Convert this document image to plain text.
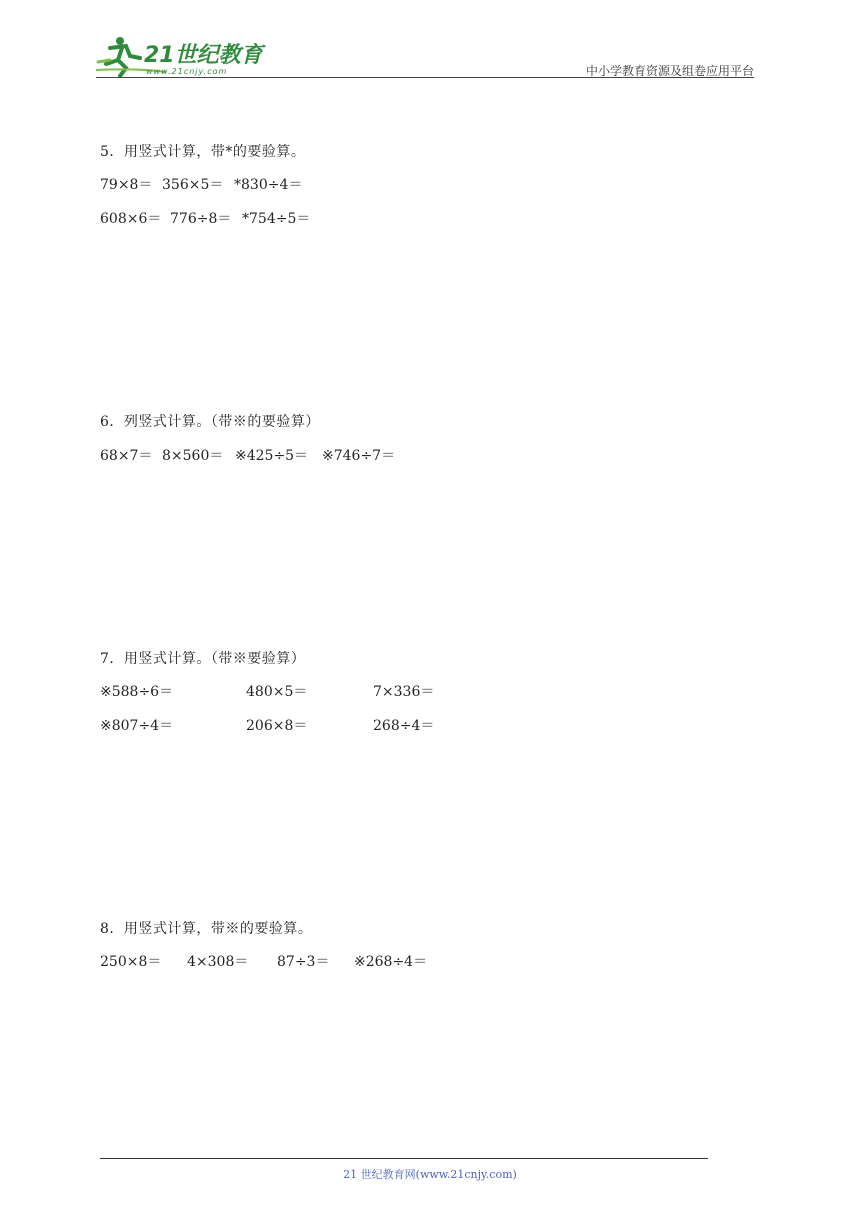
21世纪教育
www.21cnjy.com	中小学教育资源及组卷应用平台
5．用竖式计算，带*的要验算。
79×8＝ 356×5＝ *830÷4＝
608×6＝ 776÷8＝ *754÷5＝
6．列竖式计算。（带※的要验算）
68×7＝ 8×560＝ ※425÷5＝ ※746÷7＝
7．用竖式计算。（带※要验算）
※588÷6＝	480×5＝	7×336＝
※807÷4＝	206×8＝	268÷4＝
8．用竖式计算，带※的要验算。
250×8＝ 4×308＝ 87÷3＝ ※268÷4＝
21 世纪教育网(www.21cnjy.com)
